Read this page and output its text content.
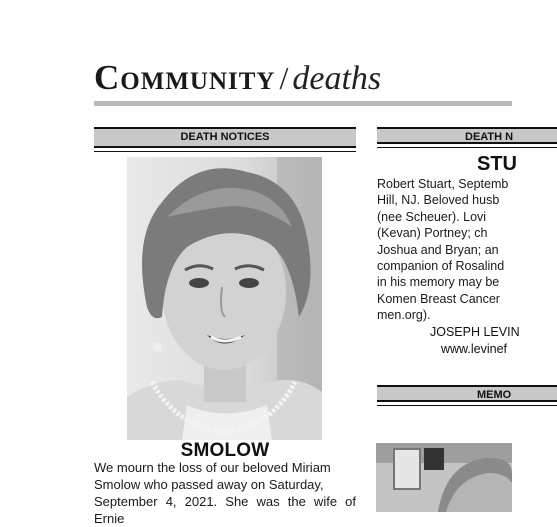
Community / deaths
DEATH NOTICES	DEATH N
MEMO
SMOLOW

We mourn the loss of our beloved Miriam

Smolow who passed away on Saturday,

September 4, 2021. She was the wife of Ernie

STU
Robert Stuart, Septemb
Hill, NJ. Beloved husb
(nee Scheuer). Lovi
(Kevan) Portney; ch
Joshua and Bryan; an
companion of Rosalind
in his memory may be
Komen Breast Cancer
men.org).
JOSEPH LEVIN
www.levinef
